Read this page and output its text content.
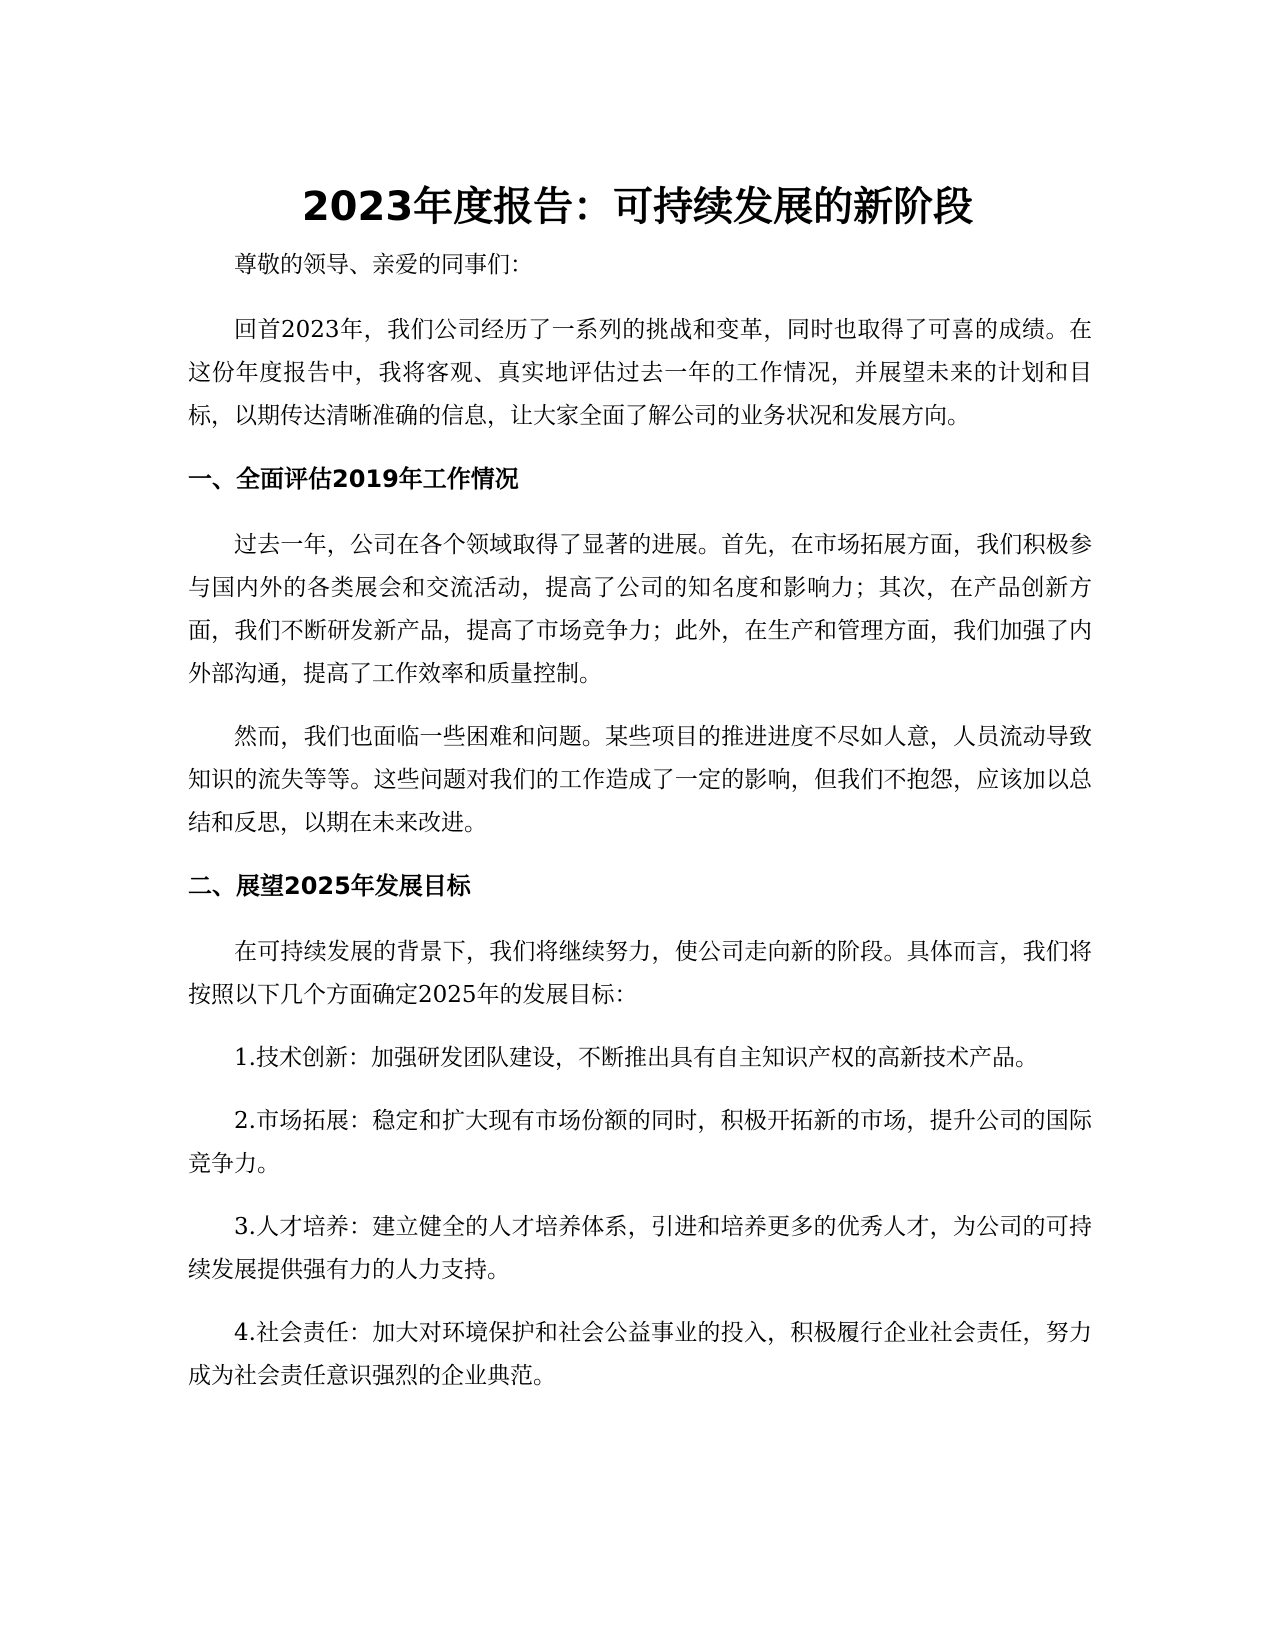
2023年度报告：可持续发展的新阶段

尊敬的领导、亲爱的同事们：

回首2023年，我们公司经历了一系列的挑战和变革，同时也取得了可喜的成绩。在这份年度报告中，我将客观、真实地评估过去一年的工作情况，并展望未来的计划和目标，以期传达清晰准确的信息，让大家全面了解公司的业务状况和发展方向。

一、全面评估2019年工作情况

过去一年，公司在各个领域取得了显著的进展。首先，在市场拓展方面，我们积极参与国内外的各类展会和交流活动，提高了公司的知名度和影响力；其次，在产品创新方面，我们不断研发新产品，提高了市场竞争力；此外，在生产和管理方面，我们加强了内外部沟通，提高了工作效率和质量控制。

然而，我们也面临一些困难和问题。某些项目的推进进度不尽如人意，人员流动导致知识的流失等等。这些问题对我们的工作造成了一定的影响，但我们不抱怨，应该加以总结和反思，以期在未来改进。

二、展望2025年发展目标

在可持续发展的背景下，我们将继续努力，使公司走向新的阶段。具体而言，我们将按照以下几个方面确定2025年的发展目标：

1.技术创新：加强研发团队建设，不断推出具有自主知识产权的高新技术产品。

2.市场拓展：稳定和扩大现有市场份额的同时，积极开拓新的市场，提升公司的国际竞争力。

3.人才培养：建立健全的人才培养体系，引进和培养更多的优秀人才，为公司的可持续发展提供强有力的人力支持。

4.社会责任：加大对环境保护和社会公益事业的投入，积极履行企业社会责任，努力成为社会责任意识强烈的企业典范。
